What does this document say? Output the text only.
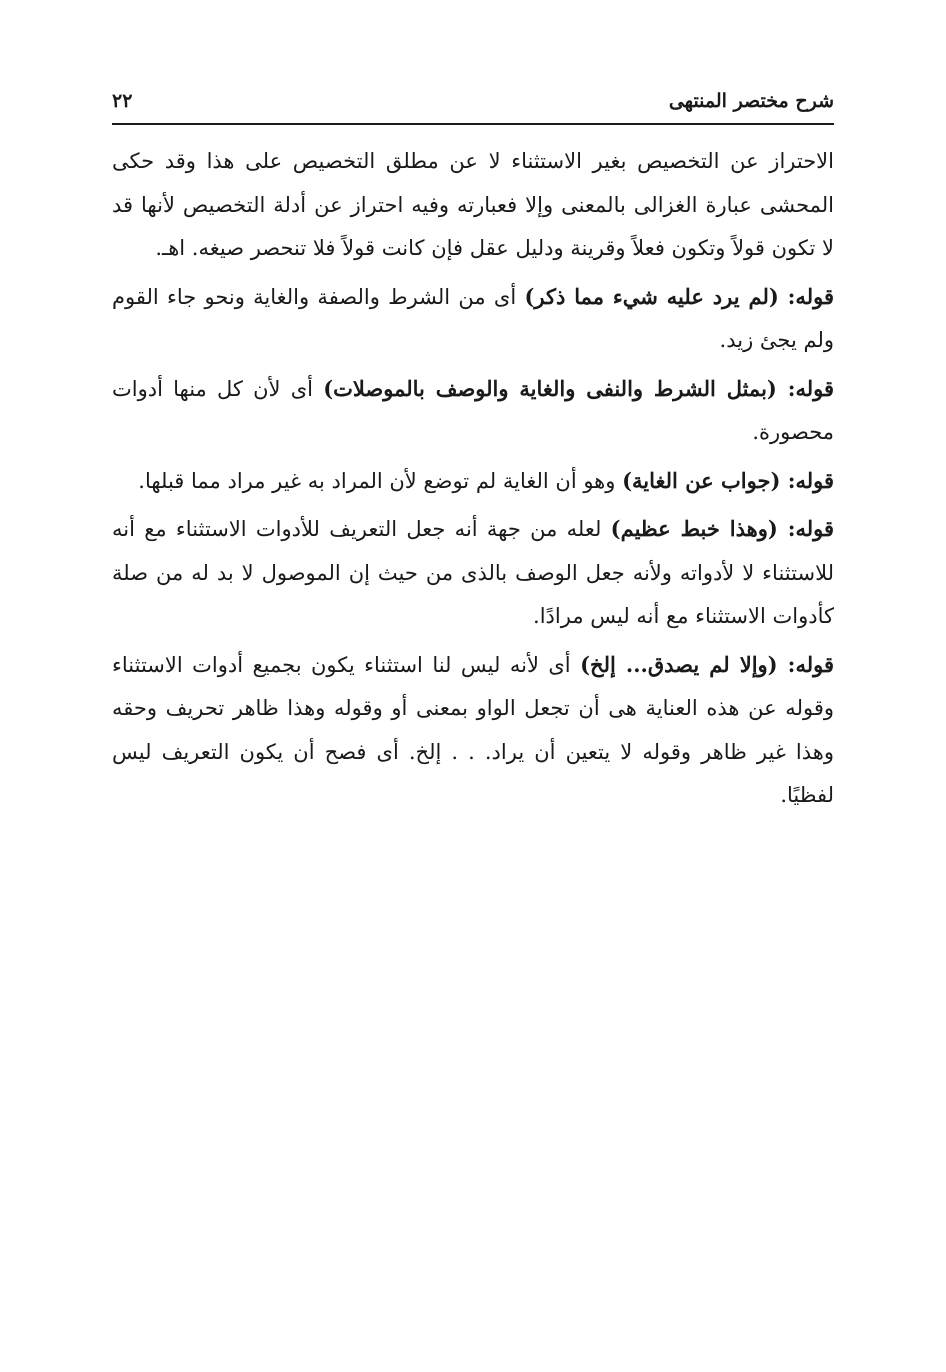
شرح مختصر المنتهى
٢٢

الاحتراز عن التخصيص بغير الاستثناء لا عن مطلق التخصيص على هذا وقد حكى المحشى عبارة الغزالى بالمعنى وإلا فعبارته وفيه احتراز عن أدلة التخصيص لأنها قد لا تكون قولاً وتكون فعلاً وقرينة ودليل عقل فإن كانت قولاً فلا تنحصر صيغه. اهـ.

قوله: (لم يرد عليه شيء مما ذكر) أى من الشرط والصفة والغاية ونحو جاء القوم ولم يجئ زيد.

قوله: (بمثل الشرط والنفى والغاية والوصف بالموصلات) أى لأن كل منها أدوات محصورة.

قوله: (جواب عن الغاية) وهو أن الغاية لم توضع لأن المراد به غير مراد مما قبلها.

قوله: (وهذا خبط عظيم) لعله من جهة أنه جعل التعريف للأدوات الاستثناء مع أنه للاستثناء لا لأدواته ولأنه جعل الوصف بالذى من حيث إن الموصول لا بد له من صلة كأدوات الاستثناء مع أنه ليس مرادًا.

قوله: (وإلا لم يصدق... إلخ) أى لأنه ليس لنا استثناء يكون بجميع أدوات الاستثناء وقوله عن هذه العناية هى أن تجعل الواو بمعنى أو وقوله وهذا ظاهر تحريف وحقه وهذا غير ظاهر وقوله لا يتعين أن يراد. . . إلخ. أى فصح أن يكون التعريف ليس لفظيًا.
